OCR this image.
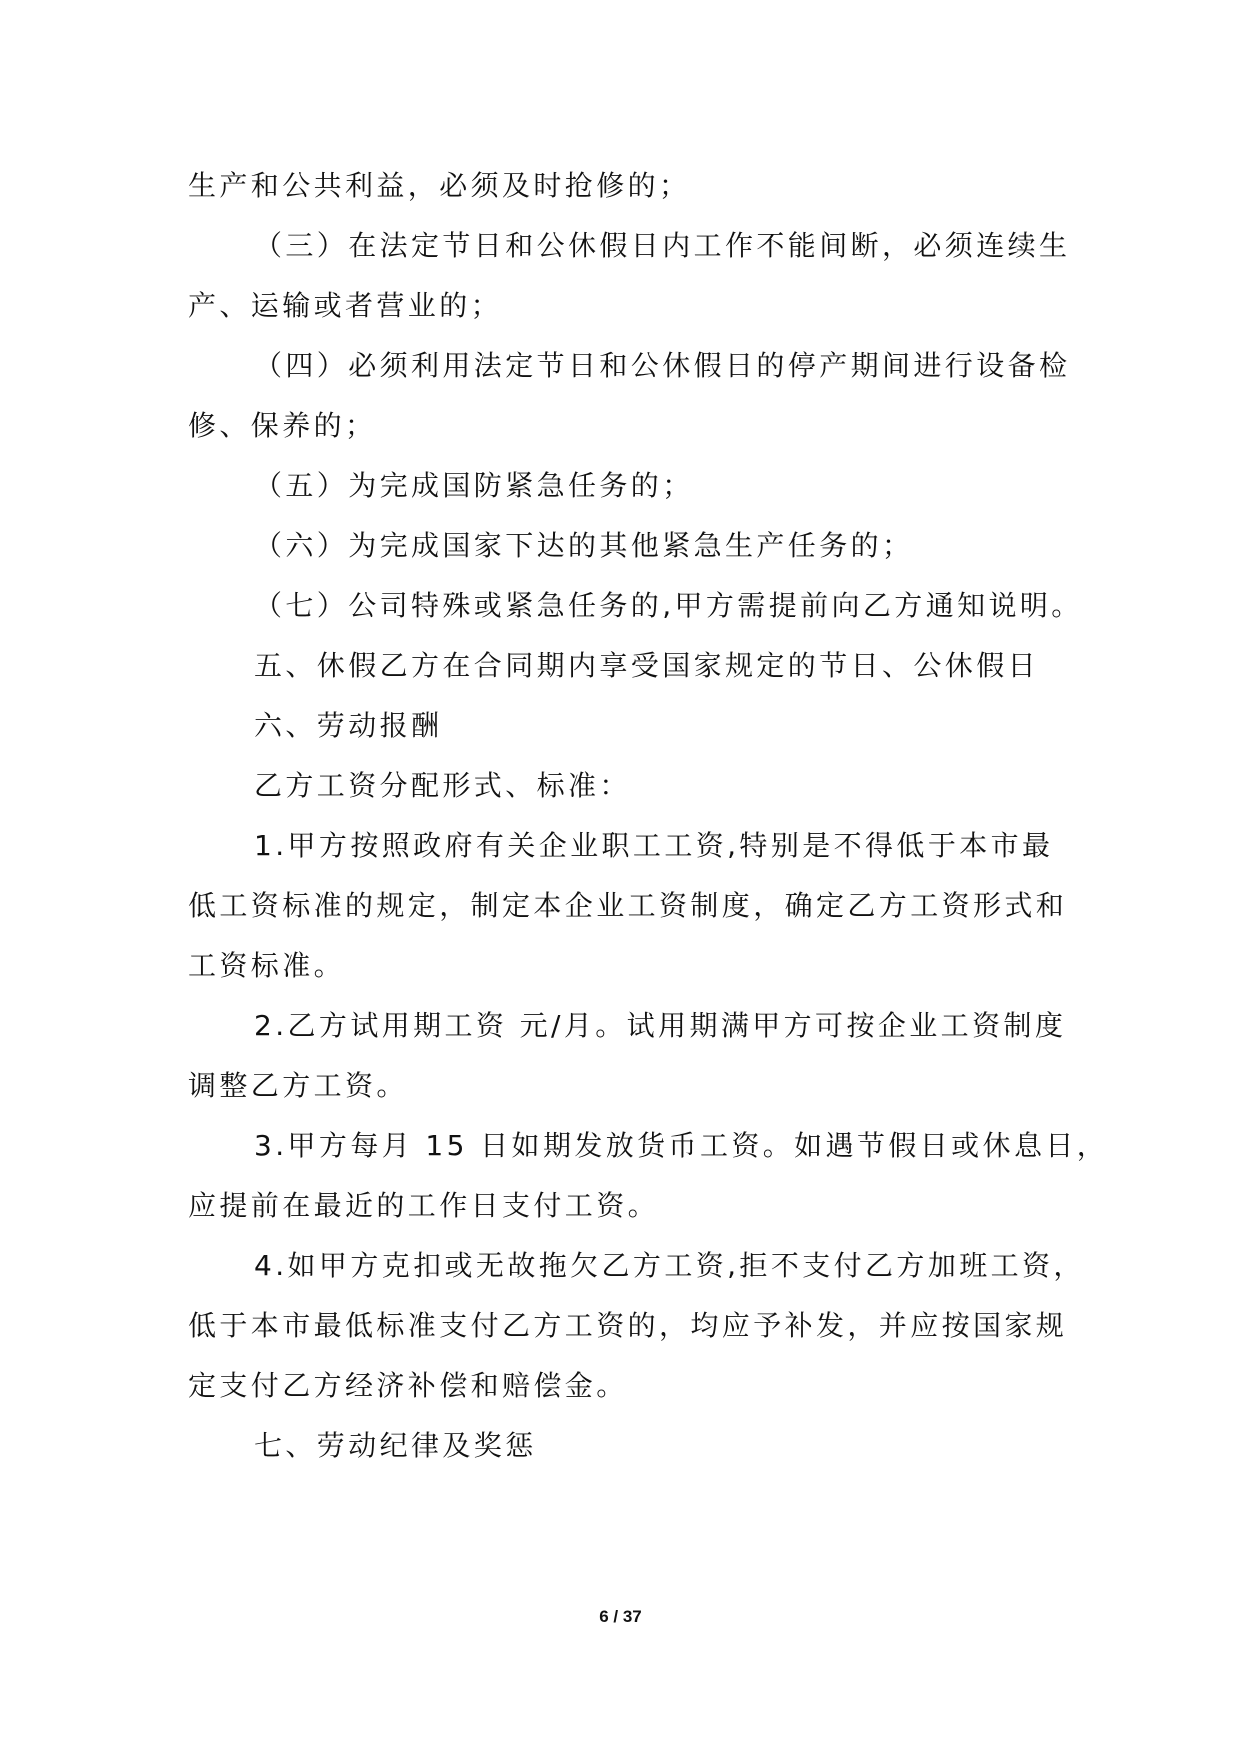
生产和公共利益，必须及时抢修的；
（三）在法定节日和公休假日内工作不能间断，必须连续生
产、运输或者营业的；
（四）必须利用法定节日和公休假日的停产期间进行设备检
修、保养的；
（五）为完成国防紧急任务的；
（六）为完成国家下达的其他紧急生产任务的；
（七）公司特殊或紧急任务的,甲方需提前向乙方通知说明。
五、休假乙方在合同期内享受国家规定的节日、公休假日
六、劳动报酬
乙方工资分配形式、标准：
1.甲方按照政府有关企业职工工资,特别是不得低于本市最
低工资标准的规定，制定本企业工资制度，确定乙方工资形式和
工资标准。
2.乙方试用期工资 元/月。试用期满甲方可按企业工资制度
调整乙方工资。
3.甲方每月 15 日如期发放货币工资。如遇节假日或休息日，
应提前在最近的工作日支付工资。
4.如甲方克扣或无故拖欠乙方工资,拒不支付乙方加班工资，
低于本市最低标准支付乙方工资的，均应予补发，并应按国家规
定支付乙方经济补偿和赔偿金。
七、劳动纪律及奖惩
6 / 37
